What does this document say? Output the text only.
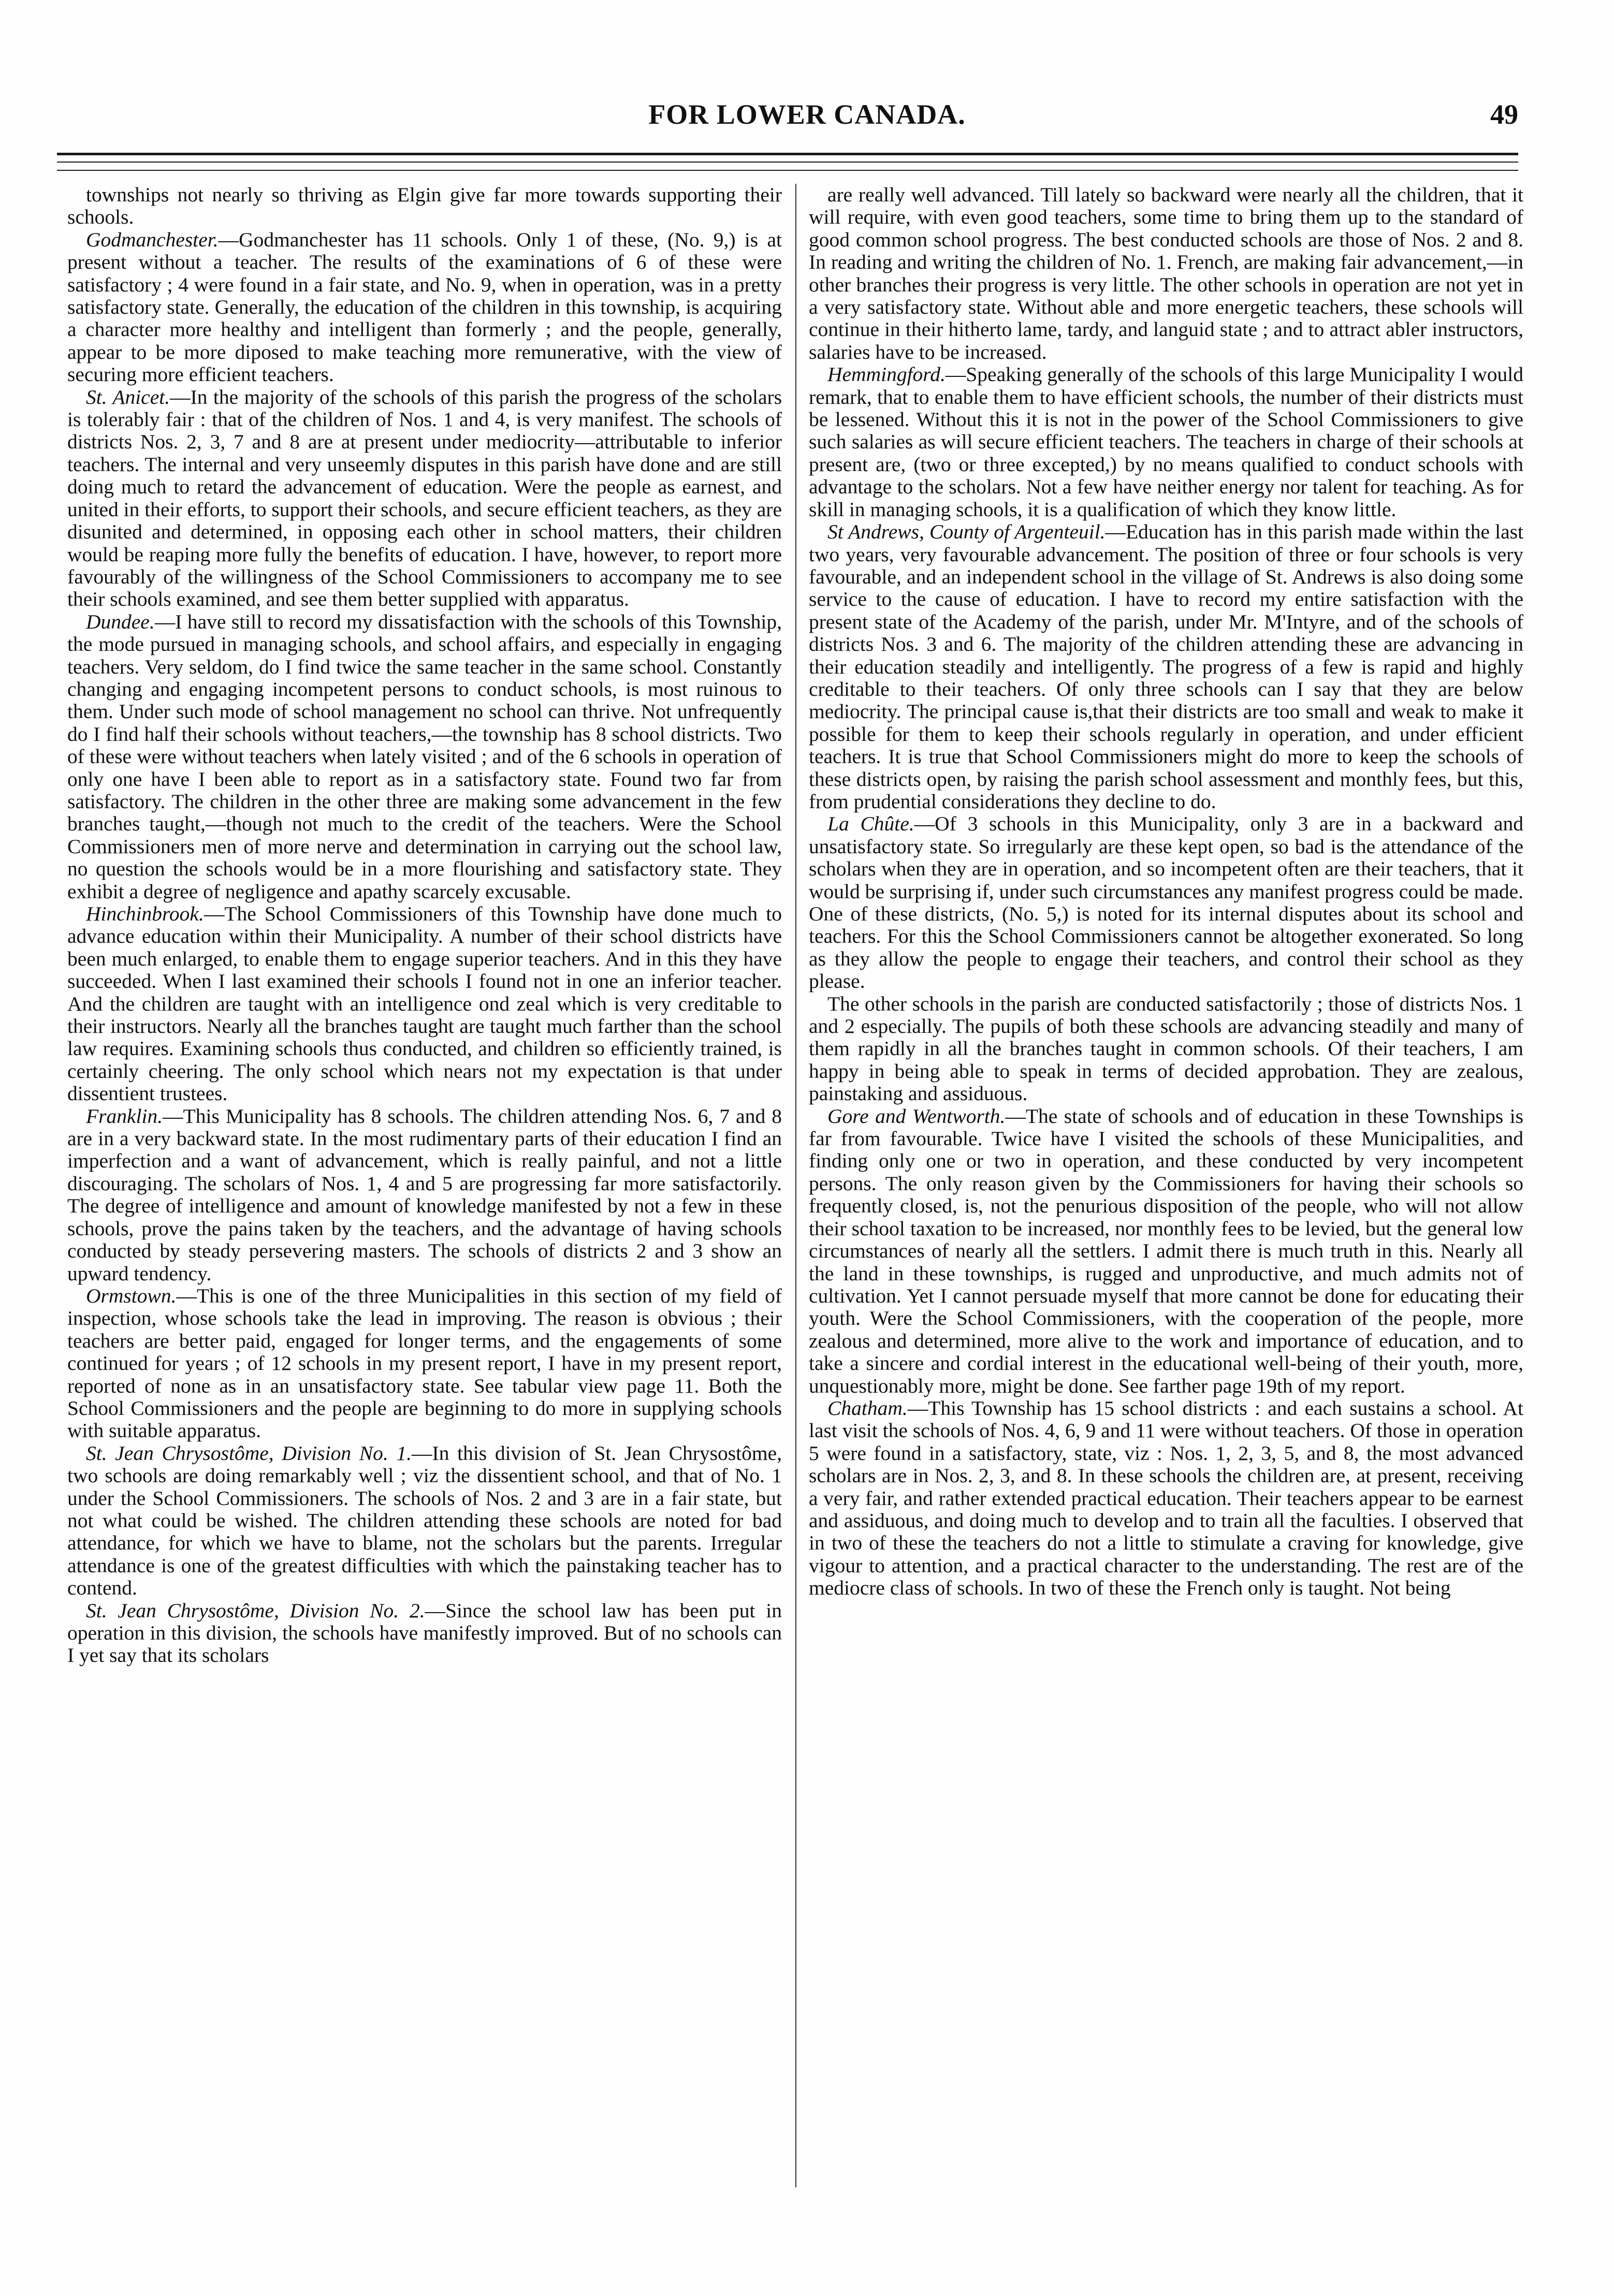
FOR LOWER CANADA.	49

townships not nearly so thriving as Elgin give far more towards supporting their schools.

Godmanchester.—Godmanchester has 11 schools. Only 1 of these, (No. 9,) is at present without a teacher. The results of the examinations of 6 of these were satisfactory ; 4 were found in a fair state, and No. 9, when in operation, was in a pretty satisfactory state. Generally, the education of the children in this township, is acquiring a character more healthy and intelligent than formerly ; and the people, generally, appear to be more diposed to make teaching more remunerative, with the view of securing more efficient teachers.

St. Anicet.—In the majority of the schools of this parish the progress of the scholars is tolerably fair : that of the children of Nos. 1 and 4, is very manifest. The schools of districts Nos. 2, 3, 7 and 8 are at present under mediocrity—attributable to inferior teachers. The internal and very unseemly disputes in this parish have done and are still doing much to retard the advancement of education. Were the people as earnest, and united in their efforts, to support their schools, and secure efficient teachers, as they are disunited and determined, in opposing each other in school matters, their children would be reaping more fully the benefits of education. I have, however, to report more favourably of the willingness of the School Commissioners to accompany me to see their schools examined, and see them better supplied with apparatus.

Dundee.—I have still to record my dissatisfaction with the schools of this Township, the mode pursued in managing schools, and school affairs, and especially in engaging teachers. Very seldom, do I find twice the same teacher in the same school. Constantly changing and engaging incompetent persons to conduct schools, is most ruinous to them. Under such mode of school management no school can thrive. Not unfrequently do I find half their schools without teachers,—the township has 8 school districts. Two of these were without teachers when lately visited ; and of the 6 schools in operation of only one have I been able to report as in a satisfactory state. Found two far from satisfactory. The children in the other three are making some advancement in the few branches taught,—though not much to the credit of the teachers. Were the School Commissioners men of more nerve and determination in carrying out the school law, no question the schools would be in a more flourishing and satisfactory state. They exhibit a degree of negligence and apathy scarcely excusable.

Hinchinbrook.—The School Commissioners of this Township have done much to advance education within their Municipality. A number of their school districts have been much enlarged, to enable them to engage superior teachers. And in this they have succeeded. When I last examined their schools I found not in one an inferior teacher. And the children are taught with an intelligence ond zeal which is very creditable to their instructors. Nearly all the branches taught are taught much farther than the school law requires. Examining schools thus conducted, and children so efficiently trained, is certainly cheering. The only school which nears not my expectation is that under dissentient trustees.

Franklin.—This Municipality has 8 schools. The children attending Nos. 6, 7 and 8 are in a very backward state. In the most rudimentary parts of their education I find an imperfection and a want of advancement, which is really painful, and not a little discouraging. The scholars of Nos. 1, 4 and 5 are progressing far more satisfactorily. The degree of intelligence and amount of knowledge manifested by not a few in these schools, prove the pains taken by the teachers, and the advantage of having schools conducted by steady persevering masters. The schools of districts 2 and 3 show an upward tendency.

Ormstown.—This is one of the three Municipalities in this section of my field of inspection, whose schools take the lead in improving. The reason is obvious ; their teachers are better paid, engaged for longer terms, and the engagements of some continued for years ; of 12 schools in my present report, I have in my present report, reported of none as in an unsatisfactory state. See tabular view page 11. Both the School Commissioners and the people are beginning to do more in supplying schools with suitable apparatus.

St. Jean Chrysostôme, Division No. 1.—In this division of St. Jean Chrysostôme, two schools are doing remarkably well ; viz the dissentient school, and that of No. 1 under the School Commissioners. The schools of Nos. 2 and 3 are in a fair state, but not what could be wished. The children attending these schools are noted for bad attendance, for which we have to blame, not the scholars but the parents. Irregular attendance is one of the greatest difficulties with which the painstaking teacher has to contend.

St. Jean Chrysostôme, Division No. 2.—Since the school law has been put in operation in this division, the schools have manifestly improved. But of no schools can I yet say that its scholars

are really well advanced. Till lately so backward were nearly all the children, that it will require, with even good teachers, some time to bring them up to the standard of good common school progress. The best conducted schools are those of Nos. 2 and 8. In reading and writing the children of No. 1. French, are making fair advancement,—in other branches their progress is very little. The other schools in operation are not yet in a very satisfactory state. Without able and more energetic teachers, these schools will continue in their hitherto lame, tardy, and languid state ; and to attract abler instructors, salaries have to be increased.

Hemmingford.—Speaking generally of the schools of this large Municipality I would remark, that to enable them to have efficient schools, the number of their districts must be lessened. Without this it is not in the power of the School Commissioners to give such salaries as will secure efficient teachers. The teachers in charge of their schools at present are, (two or three excepted,) by no means qualified to conduct schools with advantage to the scholars. Not a few have neither energy nor talent for teaching. As for skill in managing schools, it is a qualification of which they know little.

St Andrews, County of Argenteuil.—Education has in this parish made within the last two years, very favourable advancement. The position of three or four schools is very favourable, and an independent school in the village of St. Andrews is also doing some service to the cause of education. I have to record my entire satisfaction with the present state of the Academy of the parish, under Mr. M'Intyre, and of the schools of districts Nos. 3 and 6. The majority of the children attending these are advancing in their education steadily and intelligently. The progress of a few is rapid and highly creditable to their teachers. Of only three schools can I say that they are below mediocrity. The principal cause is,that their districts are too small and weak to make it possible for them to keep their schools regularly in operation, and under efficient teachers. It is true that School Commissioners might do more to keep the schools of these districts open, by raising the parish school assessment and monthly fees, but this, from prudential considerations they decline to do.

La Chûte.—Of 3 schools in this Municipality, only 3 are in a backward and unsatisfactory state. So irregularly are these kept open, so bad is the attendance of the scholars when they are in operation, and so incompetent often are their teachers, that it would be surprising if, under such circumstances any manifest progress could be made. One of these districts, (No. 5,) is noted for its internal disputes about its school and teachers. For this the School Commissioners cannot be altogether exonerated. So long as they allow the people to engage their teachers, and control their school as they please.

The other schools in the parish are conducted satisfactorily ; those of districts Nos. 1 and 2 especially. The pupils of both these schools are advancing steadily and many of them rapidly in all the branches taught in common schools. Of their teachers, I am happy in being able to speak in terms of decided approbation. They are zealous, painstaking and assiduous.

Gore and Wentworth.—The state of schools and of education in these Townships is far from favourable. Twice have I visited the schools of these Municipalities, and finding only one or two in operation, and these conducted by very incompetent persons. The only reason given by the Commissioners for having their schools so frequently closed, is, not the penurious disposition of the people, who will not allow their school taxation to be increased, nor monthly fees to be levied, but the general low circumstances of nearly all the settlers. I admit there is much truth in this. Nearly all the land in these townships, is rugged and unproductive, and much admits not of cultivation. Yet I cannot persuade myself that more cannot be done for educating their youth. Were the School Commissioners, with the cooperation of the people, more zealous and determined, more alive to the work and importance of education, and to take a sincere and cordial interest in the educational well-being of their youth, more, unquestionably more, might be done. See farther page 19th of my report.

Chatham.—This Township has 15 school districts : and each sustains a school. At last visit the schools of Nos. 4, 6, 9 and 11 were without teachers. Of those in operation 5 were found in a satisfactory, state, viz : Nos. 1, 2, 3, 5, and 8, the most advanced scholars are in Nos. 2, 3, and 8. In these schools the children are, at present, receiving a very fair, and rather extended practical education. Their teachers appear to be earnest and assiduous, and doing much to develop and to train all the faculties. I observed that in two of these the teachers do not a little to stimulate a craving for knowledge, give vigour to attention, and a practical character to the understanding. The rest are of the mediocre class of schools. In two of these the French only is taught. Not being
